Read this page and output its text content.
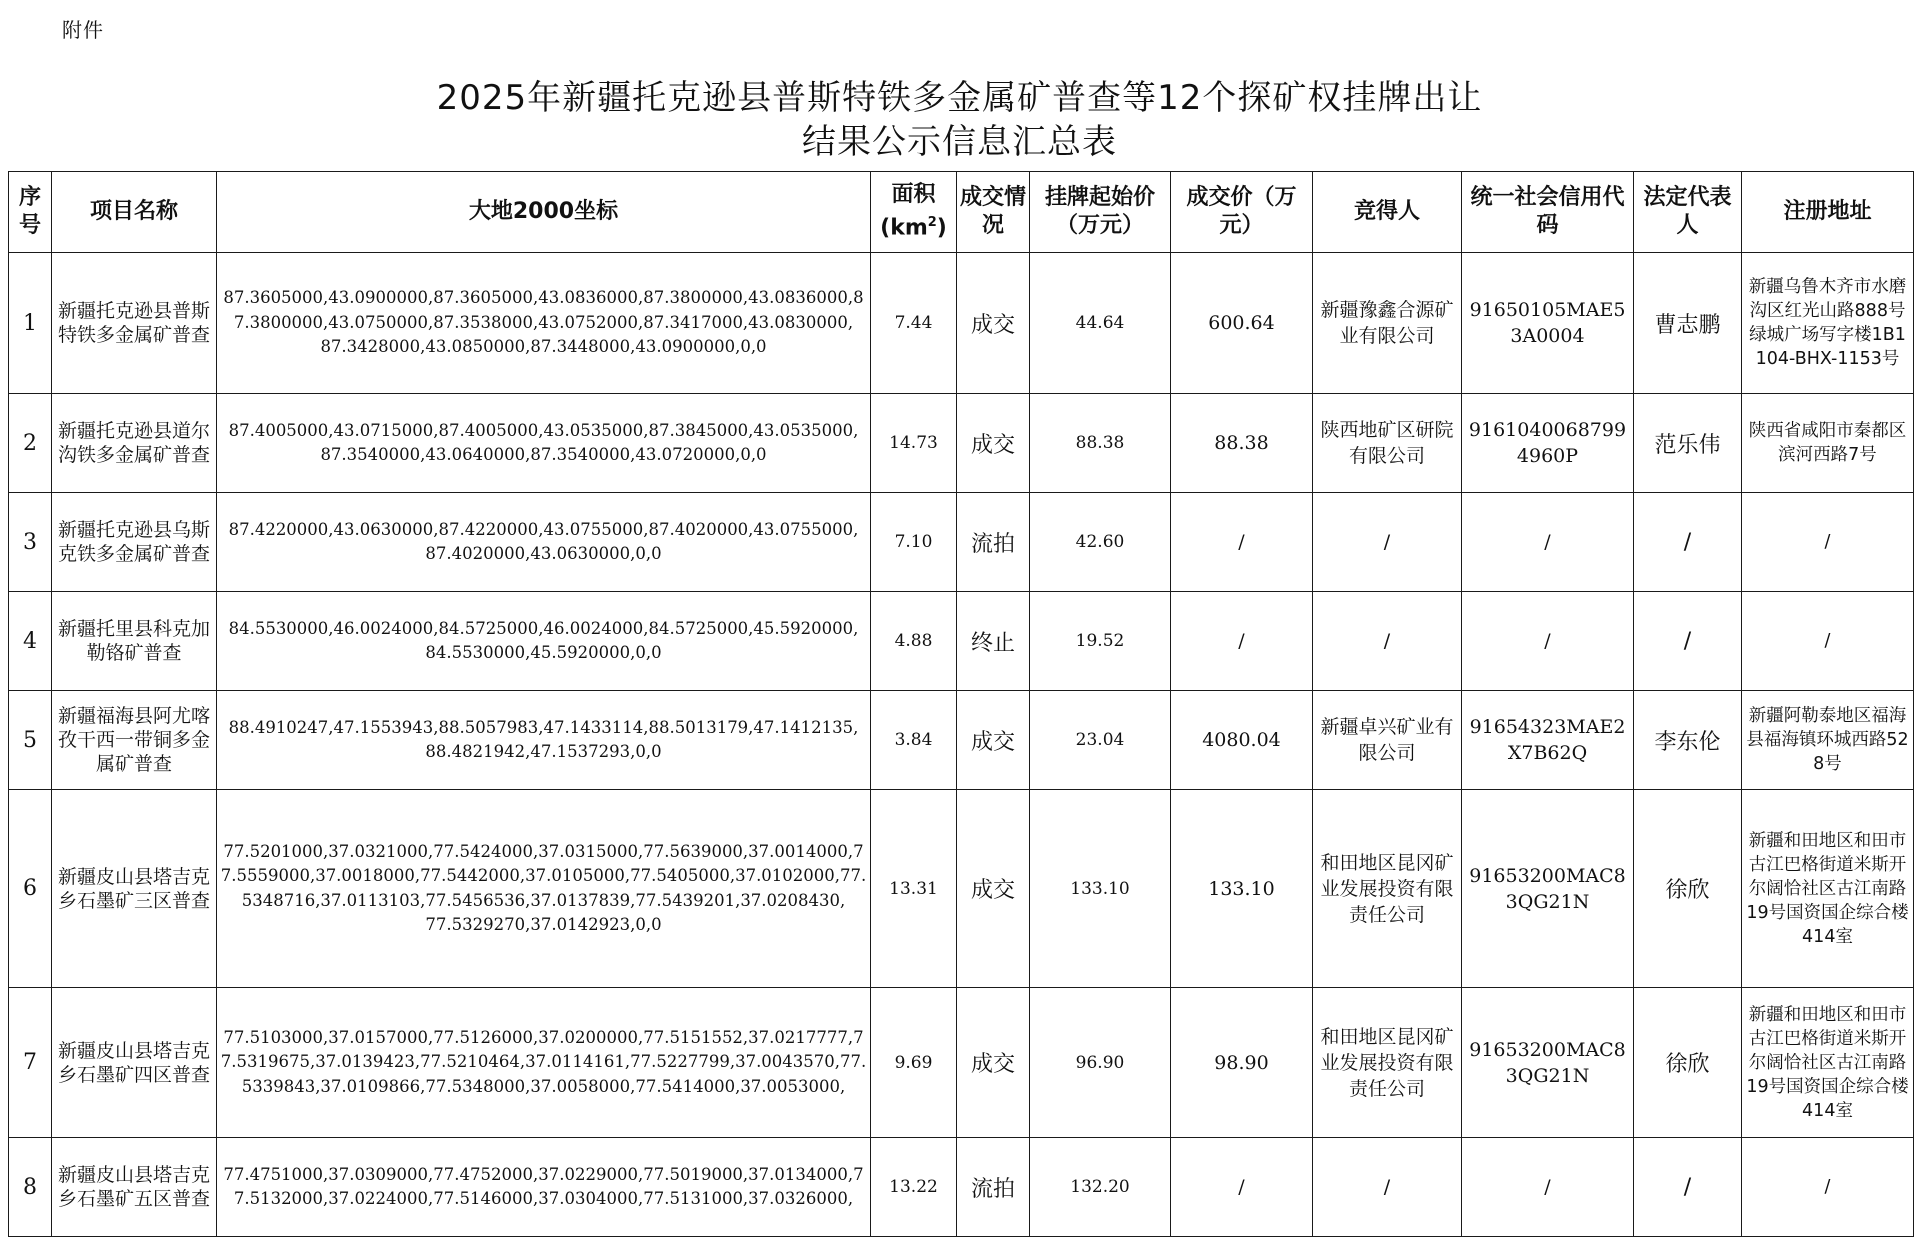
附件
2025年新疆托克逊县普斯特铁多金属矿普查等12个探矿权挂牌出让
结果公示信息汇总表
序号	项目名称	大地2000坐标	面积
$(km^2)$	成交情况	挂牌起始价（万元）	成交价（万元）	竞得人	统一社会信用代码	法定代表人	注册地址
1	新疆托克逊县普斯特铁多金属矿普查	87.3605000,43.0900000,87.3605000,43.0836000,87.3800000,43.0836000,87.3800000,43.0750000,87.3538000,43.0752000,87.3417000,43.0830000,
87.3428000,43.0850000,87.3448000,43.0900000,0,0	7.44	成交	44.64	600.64	新疆豫鑫合源矿业有限公司	91650105MAE53A0004	曹志鹏	新疆乌鲁木齐市水磨沟区红光山路888号绿城广场写字楼1B1104-BHX-1153号
2	新疆托克逊县道尔沟铁多金属矿普查	87.4005000,43.0715000,87.4005000,43.0535000,87.3845000,43.0535000,
87.3540000,43.0640000,87.3540000,43.0720000,0,0	14.73	成交	88.38	88.38	陕西地矿区研院有限公司	91610400687994960P	范乐伟	陕西省咸阳市秦都区滨河西路7号
3	新疆托克逊县乌斯克铁多金属矿普查	87.4220000,43.0630000,87.4220000,43.0755000,87.4020000,43.0755000,
87.4020000,43.0630000,0,0	7.10	流拍	42.60	/	/	/	/	/
4	新疆托里县科克加勒铬矿普查	84.5530000,46.0024000,84.5725000,46.0024000,84.5725000,45.5920000,
84.5530000,45.5920000,0,0	4.88	终止	19.52	/	/	/	/	/
5	新疆福海县阿尤喀孜干西一带铜多金属矿普查	88.4910247,47.1553943,88.5057983,47.1433114,88.5013179,47.1412135,
88.4821942,47.1537293,0,0	3.84	成交	23.04	4080.04	新疆卓兴矿业有限公司	91654323MAE2X7B62Q	李东伦	新疆阿勒泰地区福海县福海镇环城西路528号
6	新疆皮山县塔吉克乡石墨矿三区普查	77.5201000,37.0321000,77.5424000,37.0315000,77.5639000,37.0014000,77.5559000,37.0018000,77.5442000,37.0105000,77.5405000,37.0102000,77.5348716,37.0113103,77.5456536,37.0137839,77.5439201,37.0208430,
77.5329270,37.0142923,0,0	13.31	成交	133.10	133.10	和田地区昆冈矿业发展投资有限责任公司	91653200MAC83QG21N	徐欣	新疆和田地区和田市古江巴格街道米斯开尔阔恰社区古江南路19号国资国企综合楼414室
7	新疆皮山县塔吉克乡石墨矿四区普查	77.5103000,37.0157000,77.5126000,37.0200000,77.5151552,37.0217777,77.5319675,37.0139423,77.5210464,37.0114161,77.5227799,37.0043570,77.5339843,37.0109866,77.5348000,37.0058000,77.5414000,37.0053000,	9.69	成交	96.90	98.90	和田地区昆冈矿业发展投资有限责任公司	91653200MAC83QG21N	徐欣	新疆和田地区和田市古江巴格街道米斯开尔阔恰社区古江南路19号国资国企综合楼414室
8	新疆皮山县塔吉克乡石墨矿五区普查	77.4751000,37.0309000,77.4752000,37.0229000,77.5019000,37.0134000,77.5132000,37.0224000,77.5146000,37.0304000,77.5131000,37.0326000,	13.22	流拍	132.20	/	/	/	/	/
